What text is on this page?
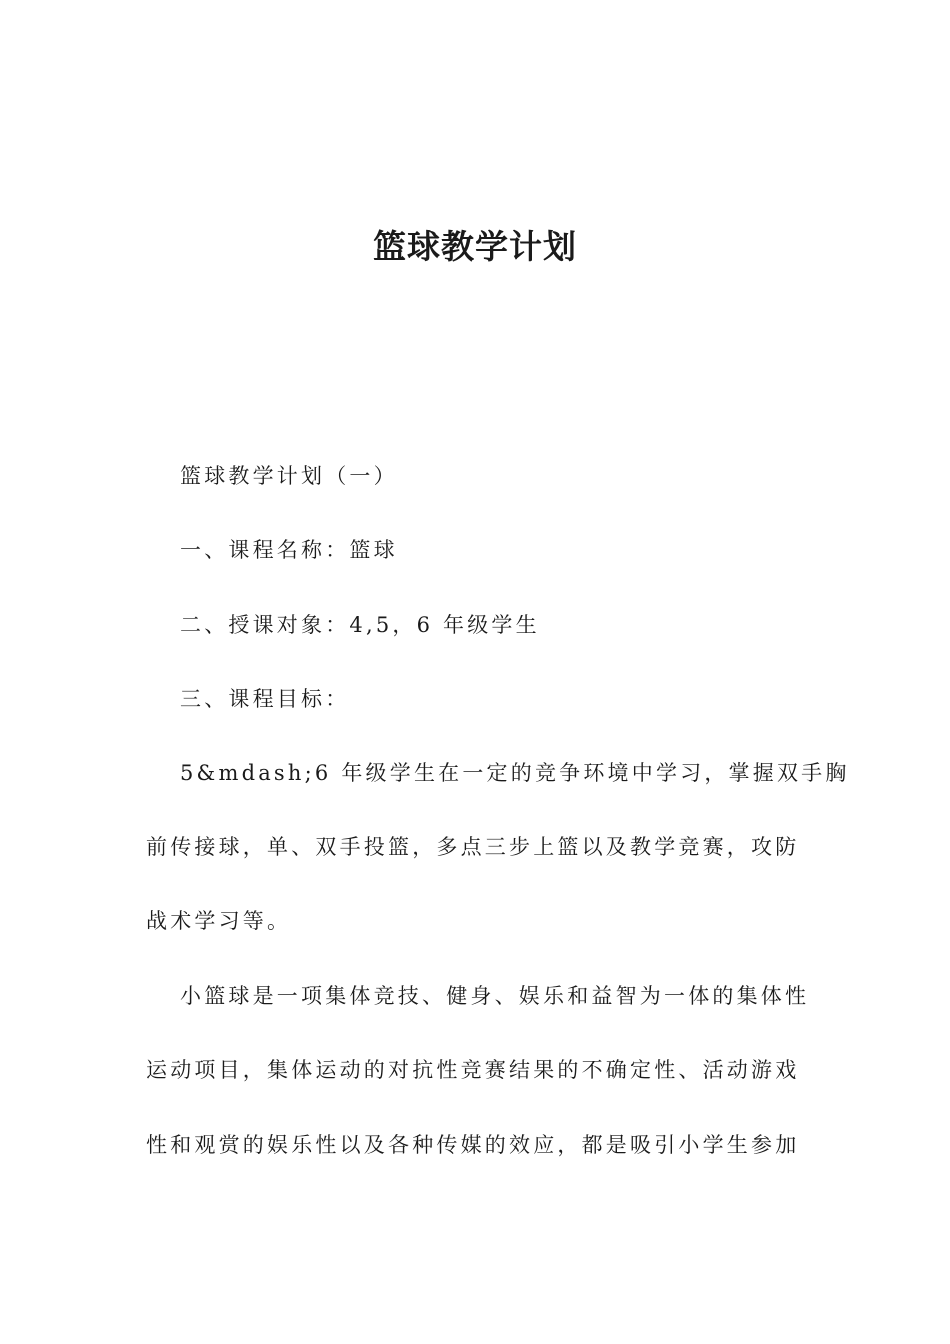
篮球教学计划

篮球教学计划（一）

一、课程名称：篮球

二、授课对象：4,5，6 年级学生

三、课程目标：

5&mdash;6 年级学生在一定的竞争环境中学习，掌握双手胸

前传接球，单、双手投篮，多点三步上篮以及教学竞赛，攻防

战术学习等。

小篮球是一项集体竞技、健身、娱乐和益智为一体的集体性

运动项目，集体运动的对抗性竞赛结果的不确定性、活动游戏

性和观赏的娱乐性以及各种传媒的效应，都是吸引小学生参加
